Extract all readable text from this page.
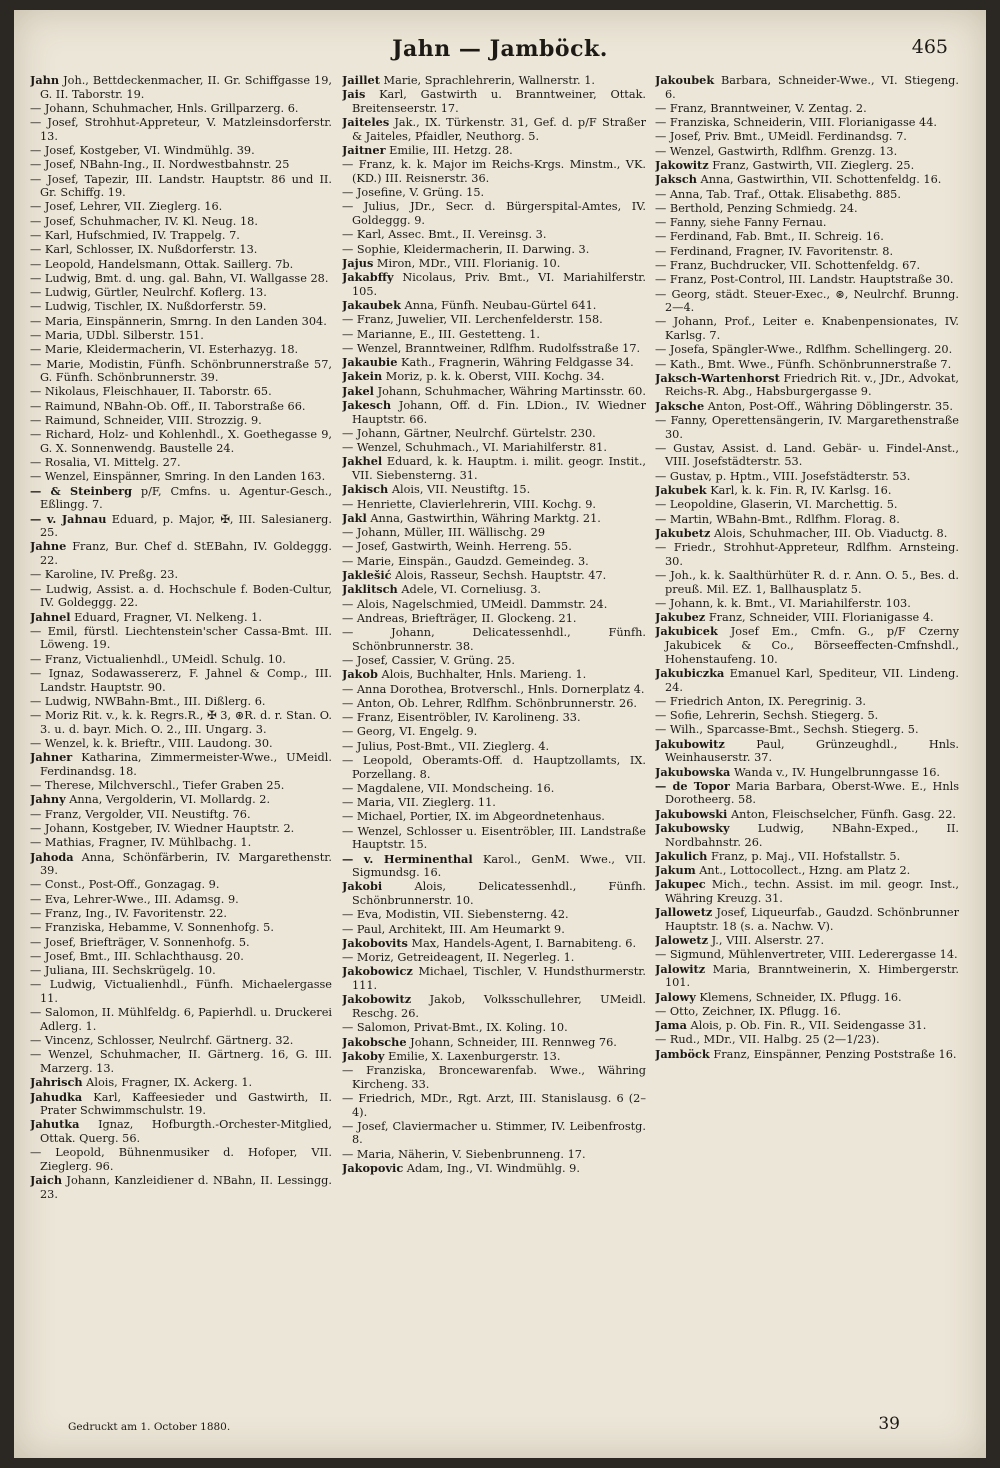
Jahn — Jamböck.	465
Jahn Joh., Bettdeckenmacher, II. Gr. Schiffgasse 19, G. II. Taborstr. 19.
— Johann, Schuhmacher, Hnls. Grillparzerg. 6.
— Josef, Strohhut-Appreteur, V. Matzleinsdorferstr. 13.
— Josef, Kostgeber, VI. Windmühlg. 39.
— Josef, NBahn-Ing., II. Nordwestbahnstr. 25
— Josef, Tapezir, III. Landstr. Hauptstr. 86 und II. Gr. Schiffg. 19.
— Josef, Lehrer, VII. Zieglerg. 16.
— Josef, Schuhmacher, IV. Kl. Neug. 18.
— Karl, Hufschmied, IV. Trappelg. 7.
— Karl, Schlosser, IX. Nußdorferstr. 13.
— Leopold, Handelsmann, Ottak. Saillerg. 7b.
— Ludwig, Bmt. d. ung. gal. Bahn, VI. Wallgasse 28.
— Ludwig, Gürtler, Neulrchf. Koflerg. 13.
— Ludwig, Tischler, IX. Nußdorferstr. 59.
— Maria, Einspännerin, Smrng. In den Landen 304.
— Maria, UDbl. Silberstr. 151.
— Marie, Kleidermacherin, VI. Esterhazyg. 18.
— Marie, Modistin, Fünfh. Schönbrunnerstraße 57, G. Fünfh. Schönbrunnerstr. 39.
— Nikolaus, Fleischhauer, II. Taborstr. 65.
— Raimund, NBahn-Ob. Off., II. Taborstraße 66.
— Raimund, Schneider, VIII. Strozzig. 9.
— Richard, Holz- und Kohlenhdl., X. Goethegasse 9, G. X. Sonnenwendg. Baustelle 24.
— Rosalia, VI. Mittelg. 27.
— Wenzel, Einspänner, Smring. In den Landen 163.
— & Steinberg p/F, Cmfns. u. Agentur-Gesch., Eßlingg. 7.
— v. Jahnau Eduard, p. Major, ✠, III. Salesianerg. 25.
Jahne Franz, Bur. Chef d. StEBahn, IV. Goldeggg. 22.
— Karoline, IV. Preßg. 23.
— Ludwig, Assist. a. d. Hochschule f. Boden-Cultur, IV. Goldeggg. 22.
Jahnel Eduard, Fragner, VI. Nelkeng. 1.
— Emil, fürstl. Liechtenstein'scher Cassa-Bmt. III. Löweng. 19.
— Franz, Victualienhdl., UMeidl. Schulg. 10.
— Ignaz, Sodawassererz, F. Jahnel & Comp., III. Landstr. Hauptstr. 90.
— Ludwig, NWBahn-Bmt., III. Dißlerg. 6.
— Moriz Rit. v., k. k. Regrs.R., ✠ 3, ⊛R. d. r. Stan. O. 3. u. d. bayr. Mich. O. 2., III. Ungarg. 3.
— Wenzel, k. k. Brieftr., VIII. Laudong. 30.
Jahner Katharina, Zimmermeister-Wwe., UMeidl. Ferdinandsg. 18.
— Therese, Milchverschl., Tiefer Graben 25.
Jahny Anna, Vergolderin, VI. Mollardg. 2.
— Franz, Vergolder, VII. Neustiftg. 76.
— Johann, Kostgeber, IV. Wiedner Hauptstr. 2.
— Mathias, Fragner, IV. Mühlbachg. 1.
Jahoda Anna, Schönfärberin, IV. Margarethenstr. 39.
— Const., Post-Off., Gonzagag. 9.
— Eva, Lehrer-Wwe., III. Adamsg. 9.
— Franz, Ing., IV. Favoritenstr. 22.
— Franziska, Hebamme, V. Sonnenhofg. 5.
— Josef, Briefträger, V. Sonnenhofg. 5.
— Josef, Bmt., III. Schlachthausg. 20.
— Juliana, III. Sechskrügelg. 10.
— Ludwig, Victualienhdl., Fünfh. Michaelergasse 11.
— Salomon, II. Mühlfeldg. 6, Papierhdl. u. Druckerei Adlerg. 1.
— Vincenz, Schlosser, Neulrchf. Gärtnerg. 32.
— Wenzel, Schuhmacher, II. Gärtnerg. 16, G. III. Marzerg. 13.
Jahrisch Alois, Fragner, IX. Ackerg. 1.
Jahudka Karl, Kaffeesieder und Gastwirth, II. Prater Schwimmschulstr. 19.
Jahutka Ignaz, Hofburgth.-Orchester-Mitglied, Ottak. Querg. 56.
— Leopold, Bühnenmusiker d. Hofoper, VII. Zieglerg. 96.
Jaich Johann, Kanzleidiener d. NBahn, II. Lessingg. 23.
Jaillet Marie, Sprachlehrerin, Wallnerstr. 1.
Jais Karl, Gastwirth u. Branntweiner, Ottak. Breitenseerstr. 17.
Jaiteles Jak., IX. Türkenstr. 31, Gef. d. p/F Straßer & Jaiteles, Pfaidler, Neuthorg. 5.
Jaitner Emilie, III. Hetzg. 28.
— Franz, k. k. Major im Reichs-Krgs. Minstm., VK. (KD.) III. Reisnerstr. 36.
— Josefine, V. Grüng. 15.
— Julius, JDr., Secr. d. Bürgerspital-Amtes, IV. Goldeggg. 9.
— Karl, Assec. Bmt., II. Vereinsg. 3.
— Sophie, Kleidermacherin, II. Darwing. 3.
Jajus Miron, MDr., VIII. Florianig. 10.
Jakabffy Nicolaus, Priv. Bmt., VI. Mariahilferstr. 105.
Jakaubek Anna, Fünfh. Neubau-Gürtel 641.
— Franz, Juwelier, VII. Lerchenfelderstr. 158.
— Marianne, E., III. Gestetteng. 1.
— Wenzel, Branntweiner, Rdlfhm. Rudolfsstraße 17.
Jakaubie Kath., Fragnerin, Währing Feldgasse 34.
Jakein Moriz, p. k. k. Oberst, VIII. Kochg. 34.
Jakel Johann, Schuhmacher, Währing Martinsstr. 60.
Jakesch Johann, Off. d. Fin. LDion., IV. Wiedner Hauptstr. 66.
— Johann, Gärtner, Neulrchf. Gürtelstr. 230.
— Wenzel, Schuhmach., VI. Mariahilferstr. 81.
Jakhel Eduard, k. k. Hauptm. i. milit. geogr. Instit., VII. Siebensterng. 31.
Jakisch Alois, VII. Neustiftg. 15.
— Henriette, Clavierlehrerin, VIII. Kochg. 9.
Jakl Anna, Gastwirthin, Währing Marktg. 21.
— Johann, Müller, III. Wällischg. 29
— Josef, Gastwirth, Weinh. Herreng. 55.
— Marie, Einspän., Gaudzd. Gemeindeg. 3.
Jaklešić Alois, Rasseur, Sechsh. Hauptstr. 47.
Jaklitsch Adele, VI. Corneliusg. 3.
— Alois, Nagelschmied, UMeidl. Dammstr. 24.
— Andreas, Briefträger, II. Glockeng. 21.
— Johann, Delicatessenhdl., Fünfh. Schönbrunnerstr. 38.
— Josef, Cassier, V. Grüng. 25.
Jakob Alois, Buchhalter, Hnls. Marieng. 1.
— Anna Dorothea, Brotverschl., Hnls. Dornerplatz 4.
— Anton, Ob. Lehrer, Rdlfhm. Schönbrunnerstr. 26.
— Franz, Eisentröbler, IV. Karolineng. 33.
— Georg, VI. Engelg. 9.
— Julius, Post-Bmt., VII. Zieglerg. 4.
— Leopold, Oberamts-Off. d. Hauptzollamts, IX. Porzellang. 8.
— Magdalene, VII. Mondscheing. 16.
— Maria, VII. Zieglerg. 11.
— Michael, Portier, IX. im Abgeordnetenhaus.
— Wenzel, Schlosser u. Eisentröbler, III. Landstraße Hauptstr. 15.
— v. Herminenthal Karol., GenM. Wwe., VII. Sigmundsg. 16.
Jakobi	Alois, Delicatessenhdl., Fünfh. Schönbrunnerstr. 10.
— Eva, Modistin, VII. Siebensterng. 42.
— Paul, Architekt, III. Am Heumarkt 9.
Jakobovits Max, Handels-Agent, I. Barnabiteng. 6.
— Moriz, Getreideagent, II. Negerleg. 1.
Jakobowicz Michael, Tischler, V. Hundsthurmerstr. 111.
Jakobowitz Jakob, Volksschullehrer, UMeidl. Reschg. 26.
— Salomon, Privat-Bmt., IX. Koling. 10.
Jakobsche Johann, Schneider, III. Rennweg 76.
Jakoby Emilie, X. Laxenburgerstr. 13.
— Franziska, Broncewarenfab. Wwe., Währing Kircheng. 33.
— Friedrich, MDr., Rgt. Arzt, III. Stanislausg. 6 (2–4).
— Josef, Claviermacher u. Stimmer, IV. Leibenfrostg. 8.
— Maria, Näherin, V. Siebenbrunneng. 17.
Jakopovic Adam, Ing., VI. Windmühlg. 9.
Jakoubek Barbara, Schneider-Wwe., VI. Stiegeng. 6.
— Franz, Branntweiner, V. Zentag. 2.
— Franziska, Schneiderin, VIII. Florianigasse 44.
— Josef, Priv. Bmt., UMeidl. Ferdinandsg. 7.
— Wenzel, Gastwirth, Rdlfhm. Grenzg. 13.
Jakowitz Franz, Gastwirth, VII. Zieglerg. 25.
Jaksch Anna, Gastwirthin, VII. Schottenfeldg. 16.
— Anna, Tab. Traf., Ottak. Elisabethg. 885.
— Berthold, Penzing Schmiedg. 24.
— Fanny, siehe Fanny Fernau.
— Ferdinand, Fab. Bmt., II. Schreig. 16.
— Ferdinand, Fragner, IV. Favoritenstr. 8.
— Franz, Buchdrucker, VII. Schottenfeldg. 67.
— Franz, Post-Control, III. Landstr. Hauptstraße 30.
— Georg, städt. Steuer-Exec., ⊛, Neulrchf. Brunng. 2—4.
— Johann, Prof., Leiter e. Knabenpensionates, IV. Karlsg. 7.
— Josefa, Spängler-Wwe., Rdlfhm. Schellingerg. 20.
— Kath., Bmt. Wwe., Fünfh. Schönbrunnerstraße 7.
Jaksch-Wartenhorst Friedrich Rit. v., JDr., Advokat, Reichs-R. Abg., Habsburgergasse 9.
Jaksche Anton, Post-Off., Währing Döblingerstr. 35.
— Fanny, Operettensängerin, IV. Margarethenstraße 30.
— Gustav, Assist. d. Land. Gebär- u. Findel-Anst., VIII. Josefstädterstr. 53.
— Gustav, p. Hptm., VIII. Josefstädterstr. 53.
Jakubek Karl, k. k. Fin. R, IV. Karlsg. 16.
— Leopoldine, Glaserin, VI. Marchettig. 5.
— Martin, WBahn-Bmt., Rdlfhm. Florag. 8.
Jakubetz Alois, Schuhmacher, III. Ob. Viaductg. 8.
— Friedr., Strohhut-Appreteur, Rdlfhm. Arnsteing. 30.
— Joh., k. k. Saalthürhüter R. d. r. Ann. O. 5., Bes. d. preuß. Mil. EZ. 1, Ballhausplatz 5.
— Johann, k. k. Bmt., VI. Mariahilferstr. 103.
Jakubez Franz, Schneider, VIII. Florianigasse 4.
Jakubicek Josef Em., Cmfn. G., p/F Czerny Jakubicek & Co., Börseeffecten-Cmfnshdl., Hohenstaufeng. 10.
Jakubiczka Emanuel Karl, Spediteur, VII. Lindeng. 24.
— Friedrich Anton, IX. Peregrinig. 3.
— Sofie, Lehrerin, Sechsh. Stiegerg. 5.
— Wilh., Sparcasse-Bmt., Sechsh. Stiegerg. 5.
Jakubowitz	Paul, Grünzeughdl., Hnls. Weinhauserstr. 37.
Jakubowska Wanda v., IV. Hungelbrunngasse 16.
— de Topor Maria Barbara, Oberst-Wwe. E., Hnls Dorotheerg. 58.
Jakubowski Anton, Fleischselcher, Fünfh. Gasg. 22.
Jakubowsky Ludwig, NBahn-Exped., II. Nordbahnstr. 26.
Jakulich Franz, p. Maj., VII. Hofstallstr. 5.
Jakum Ant., Lottocollect., Hzng. am Platz 2.
Jakupec Mich., techn. Assist. im mil. geogr. Inst., Währing Kreuzg. 31.
Jallowetz Josef, Liqueurfab., Gaudzd. Schönbrunner Hauptstr. 18 (s. a. Nachw. V).
Jalowetz J., VIII. Alserstr. 27.
— Sigmund, Mühlenvertreter, VIII. Lederergasse 14.
Jalowitz Maria, Branntweinerin, X. Himbergerstr. 101.
Jalowy Klemens, Schneider, IX. Pflugg. 16.
— Otto, Zeichner, IX. Pflugg. 16.
Jama Alois, p. Ob. Fin. R., VII. Seidengasse 31.
— Rud., MDr., VII. Halbg. 25 (2—1/23).
Jamböck Franz, Einspänner, Penzing Poststraße 16.
Gedruckt am 1. October 1880.	39
